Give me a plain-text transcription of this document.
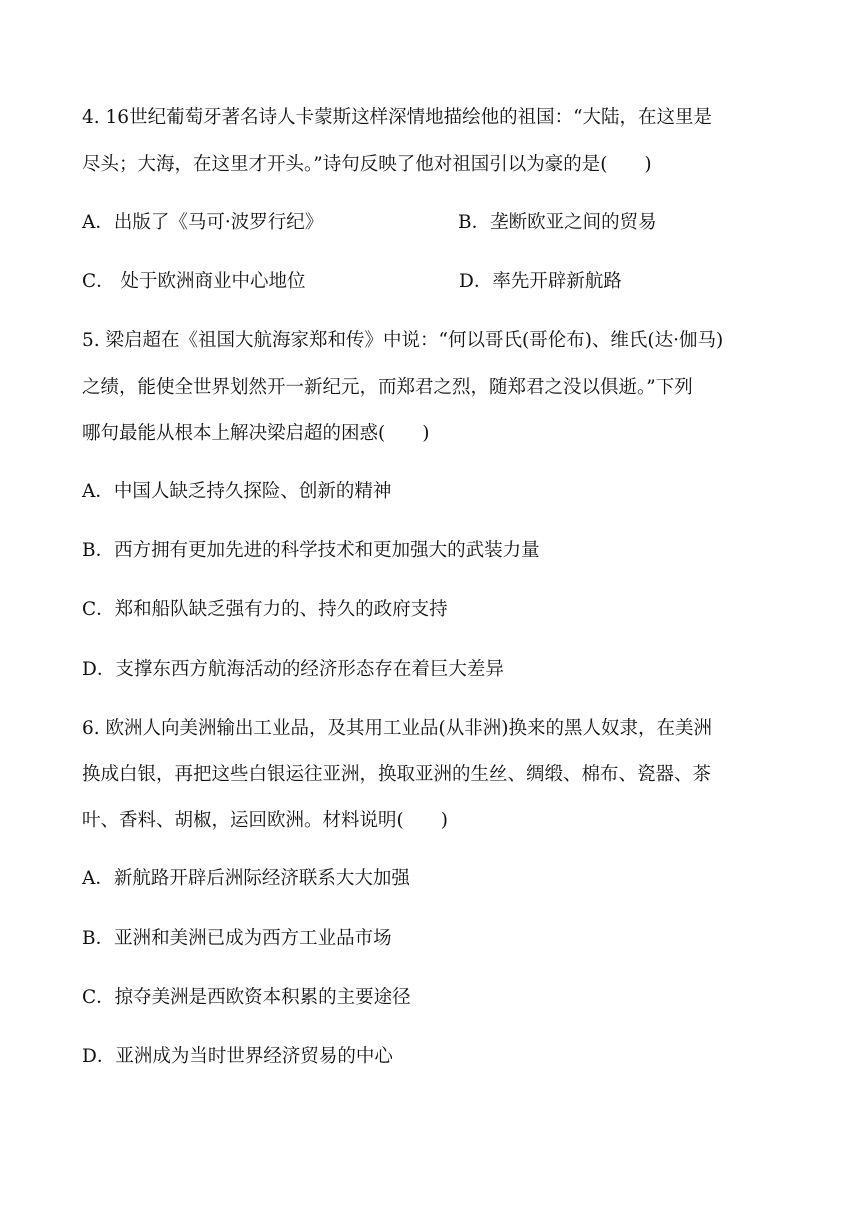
4. 16世纪葡萄牙著名诗人卡蒙斯这样深情地描绘他的祖国：“大陆，在这里是
尽头；大海，在这里才开头。”诗句反映了他对祖国引以为豪的是(　　)
A．出版了《马可·波罗行纪》	B．垄断欧亚之间的贸易
C． 处于欧洲商业中心地位	D．率先开辟新航路
5. 梁启超在《祖国大航海家郑和传》中说：“何以哥氏(哥伦布)、维氏(达·伽马)
之绩，能使全世界划然开一新纪元，而郑君之烈，随郑君之没以俱逝。”下列
哪句最能从根本上解决梁启超的困惑(　　)
A．中国人缺乏持久探险、创新的精神
B．西方拥有更加先进的科学技术和更加强大的武装力量
C．郑和船队缺乏强有力的、持久的政府支持
D．支撑东西方航海活动的经济形态存在着巨大差异
6. 欧洲人向美洲输出工业品，及其用工业品(从非洲)换来的黑人奴隶，在美洲
换成白银，再把这些白银运往亚洲，换取亚洲的生丝、绸缎、棉布、瓷器、茶
叶、香料、胡椒，运回欧洲。材料说明(　　)
A．新航路开辟后洲际经济联系大大加强
B．亚洲和美洲已成为西方工业品市场
C．掠夺美洲是西欧资本积累的主要途径
D．亚洲成为当时世界经济贸易的中心
